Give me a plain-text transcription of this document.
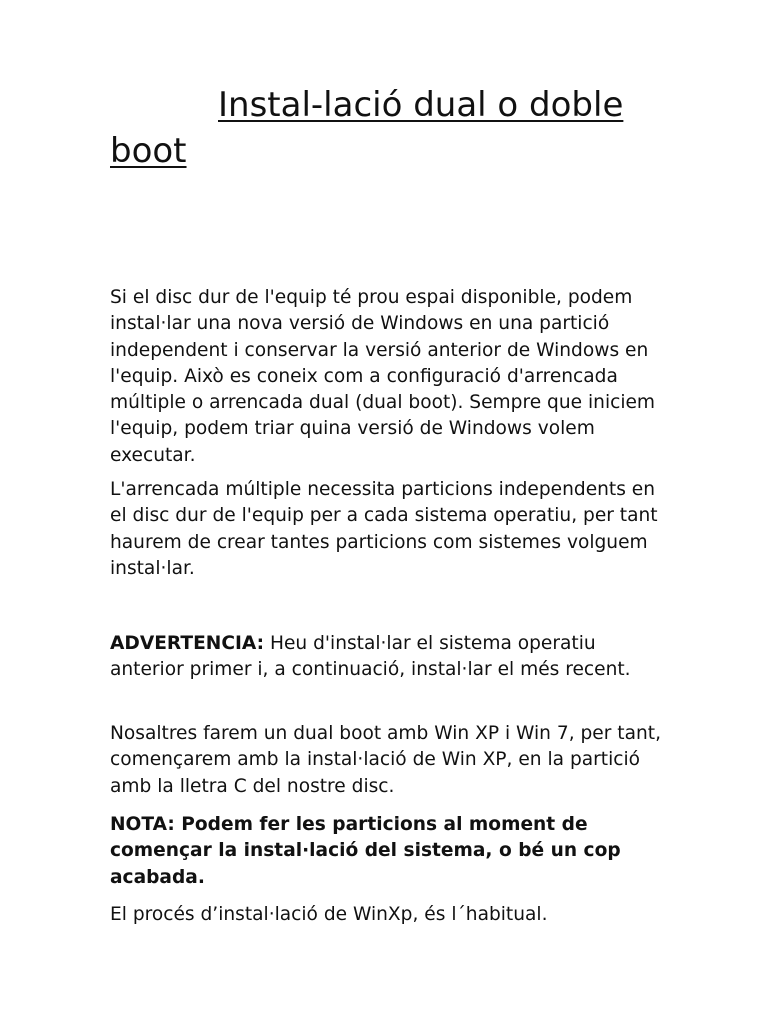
Instal-lació dual o doble boot

Si el disc dur de l'equip té prou espai disponible, podem instal·lar una nova versió de Windows en una partició independent i conservar la versió anterior de Windows en l'equip. Això es coneix com a configuració d'arrencada múltiple o arrencada dual (dual boot). Sempre que iniciem l'equip, podem triar quina versió de Windows volem executar.

L'arrencada múltiple necessita particions independents en el disc dur de l'equip per a cada sistema operatiu, per tant haurem de crear tantes particions com sistemes volguem instal·lar.

ADVERTENCIA: Heu d'instal·lar el sistema operatiu anterior primer i, a continuació, instal·lar el més recent.

Nosaltres farem un dual boot amb Win XP i Win 7, per tant, començarem amb la instal·lació de Win XP, en la partició amb la lletra C del nostre disc.

NOTA: Podem fer les particions al moment de començar la instal·lació del sistema, o bé un cop acabada.

El procés d’instal·lació de WinXp, és l´habitual.
